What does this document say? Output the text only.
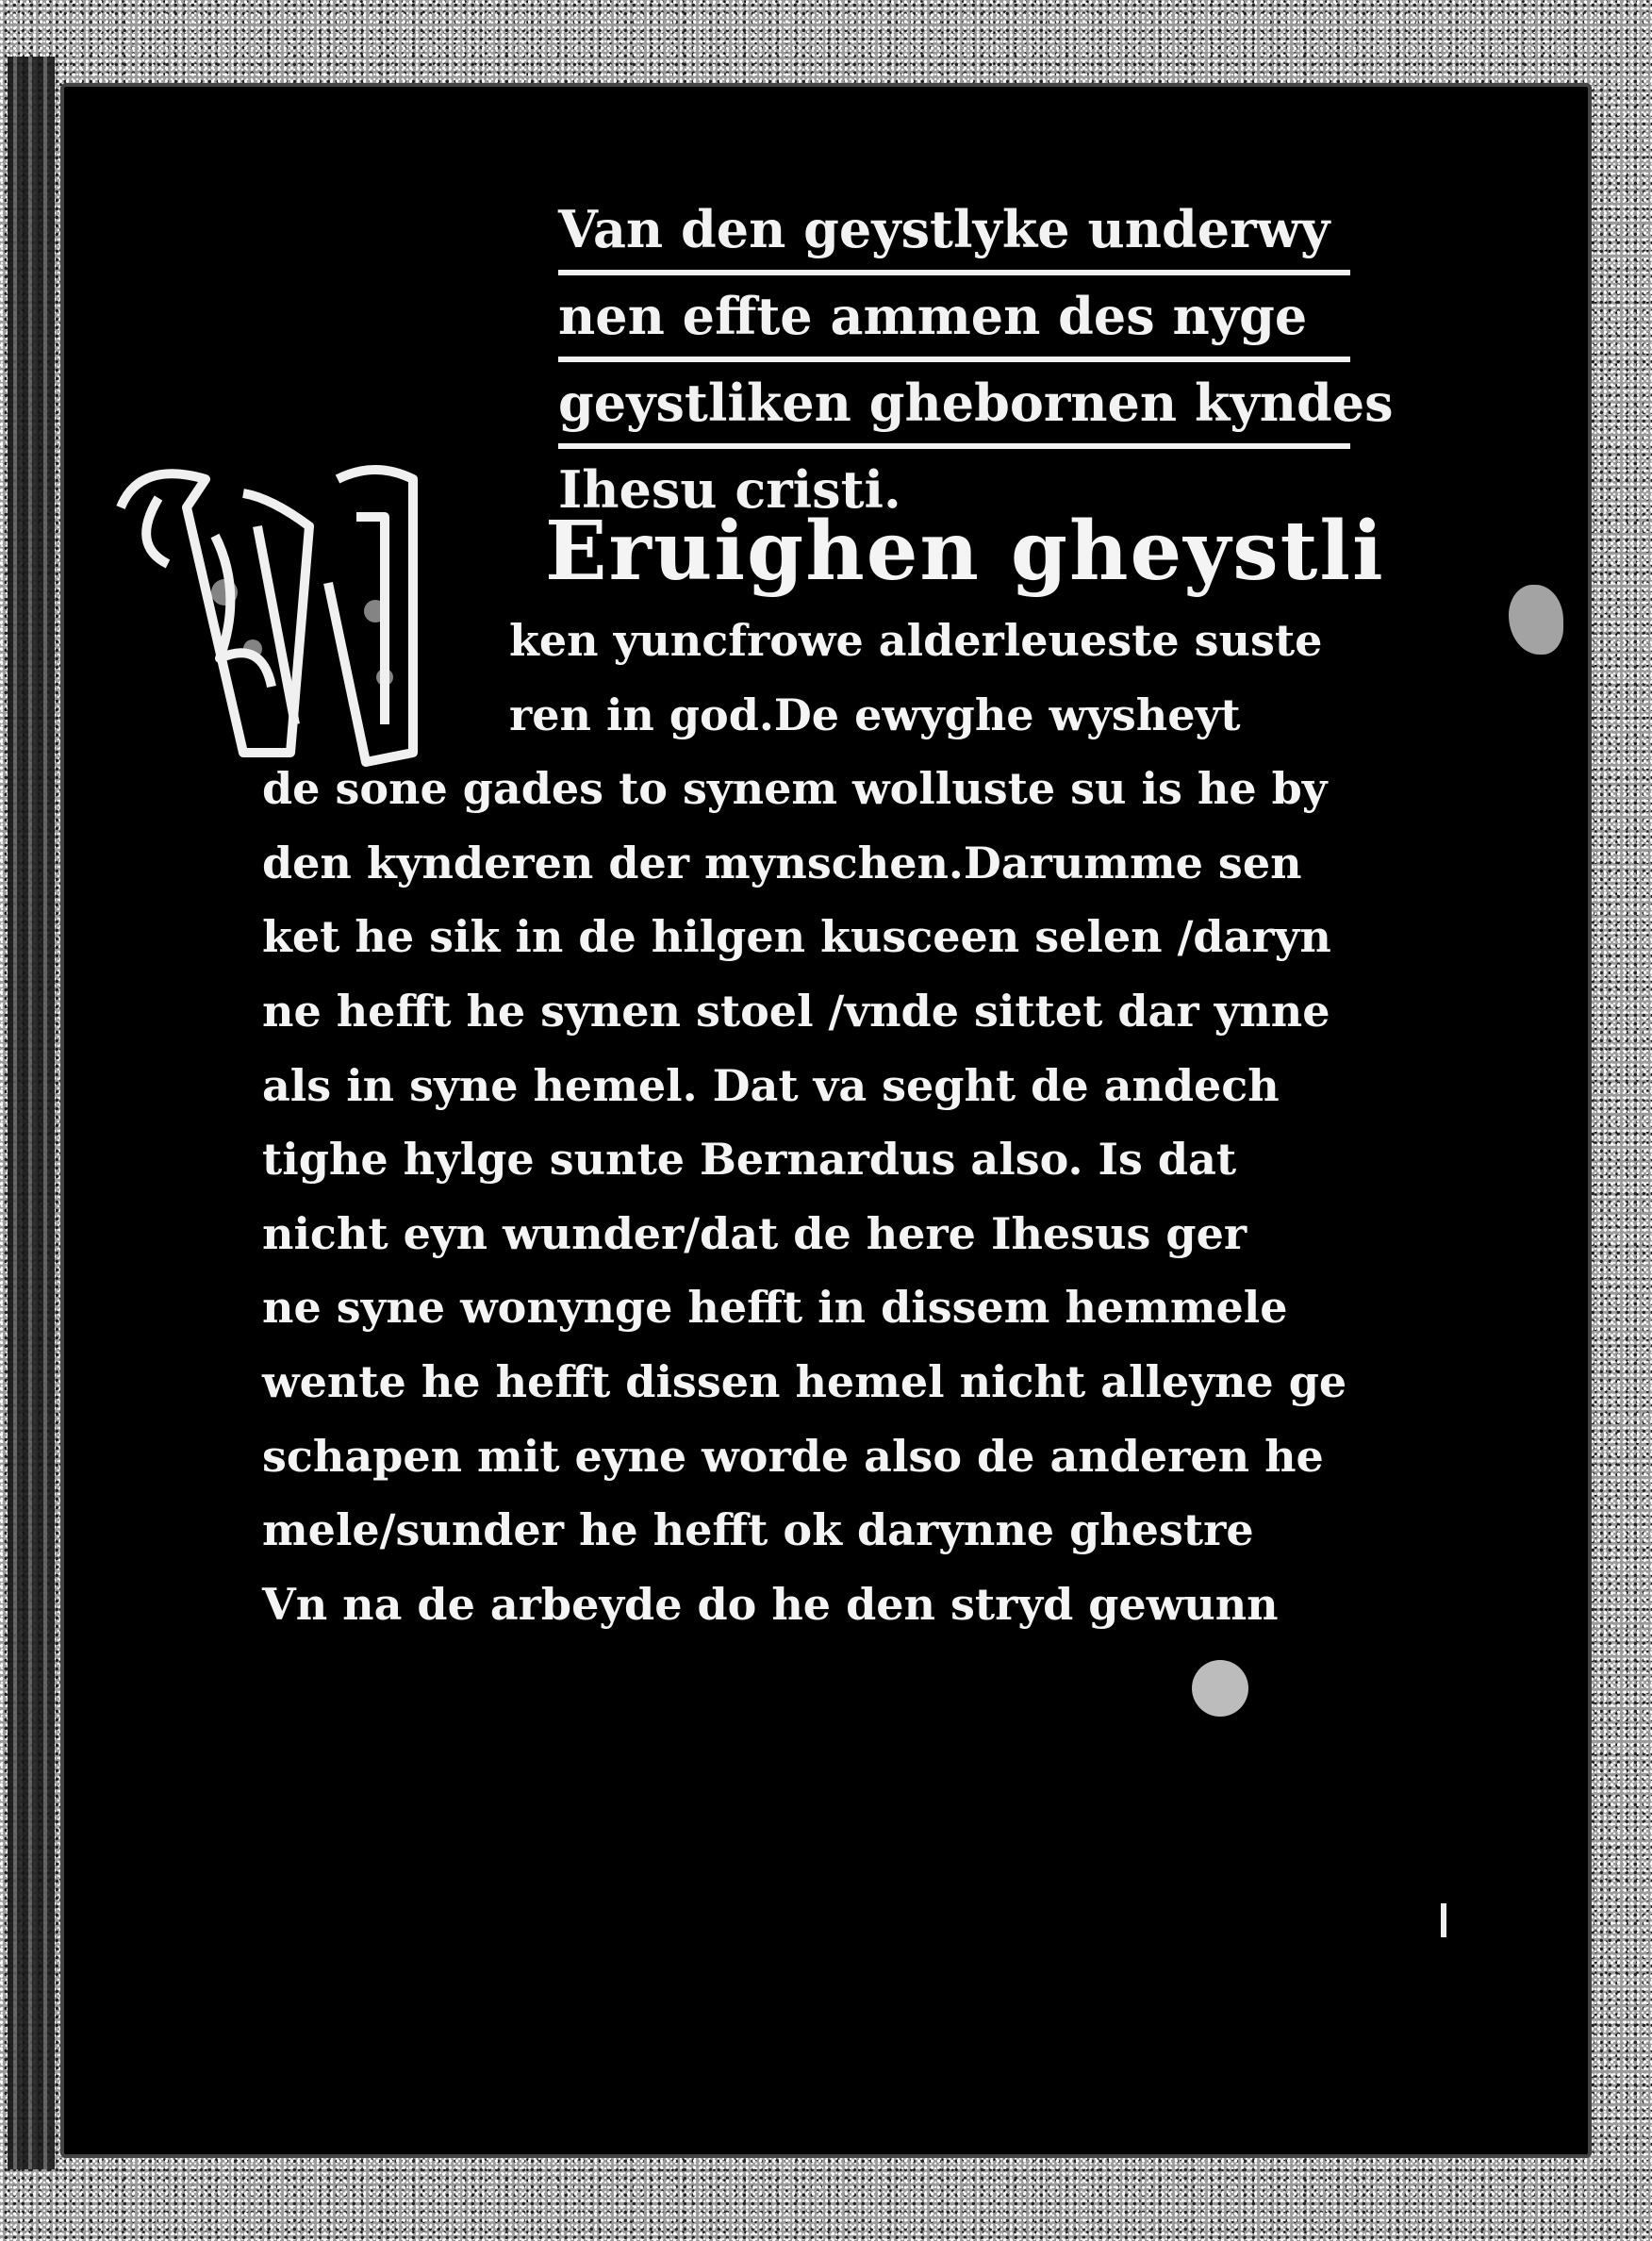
Van den geystlyke underwy
nen effte ammen des nyge
geystliken ghebornen kyndes
Ihesu cristi.
Eruighen gheystli
ken yuncfrowe alderleueste suste
ren in god.De ewyghe wysheyt
de sone gades to synem wolluste su is he by
den kynderen der mynschen.Darumme sen
ket he sik in de hilgen kusceen selen /daryn
ne hefft he synen stoel /vnde sittet dar ynne
als in syne hemel. Dat va seght de andech
tighe hylge sunte Bernardus also. Is dat
nicht eyn wunder/dat de here Ihesus ger
ne syne wonynge hefft in dissem hemmele
wente he hefft dissen hemel nicht alleyne ge
schapen mit eyne worde also de anderen he
mele/sunder he hefft ok darynne ghestre
Vn na de arbeyde do he den stryd gewunn
